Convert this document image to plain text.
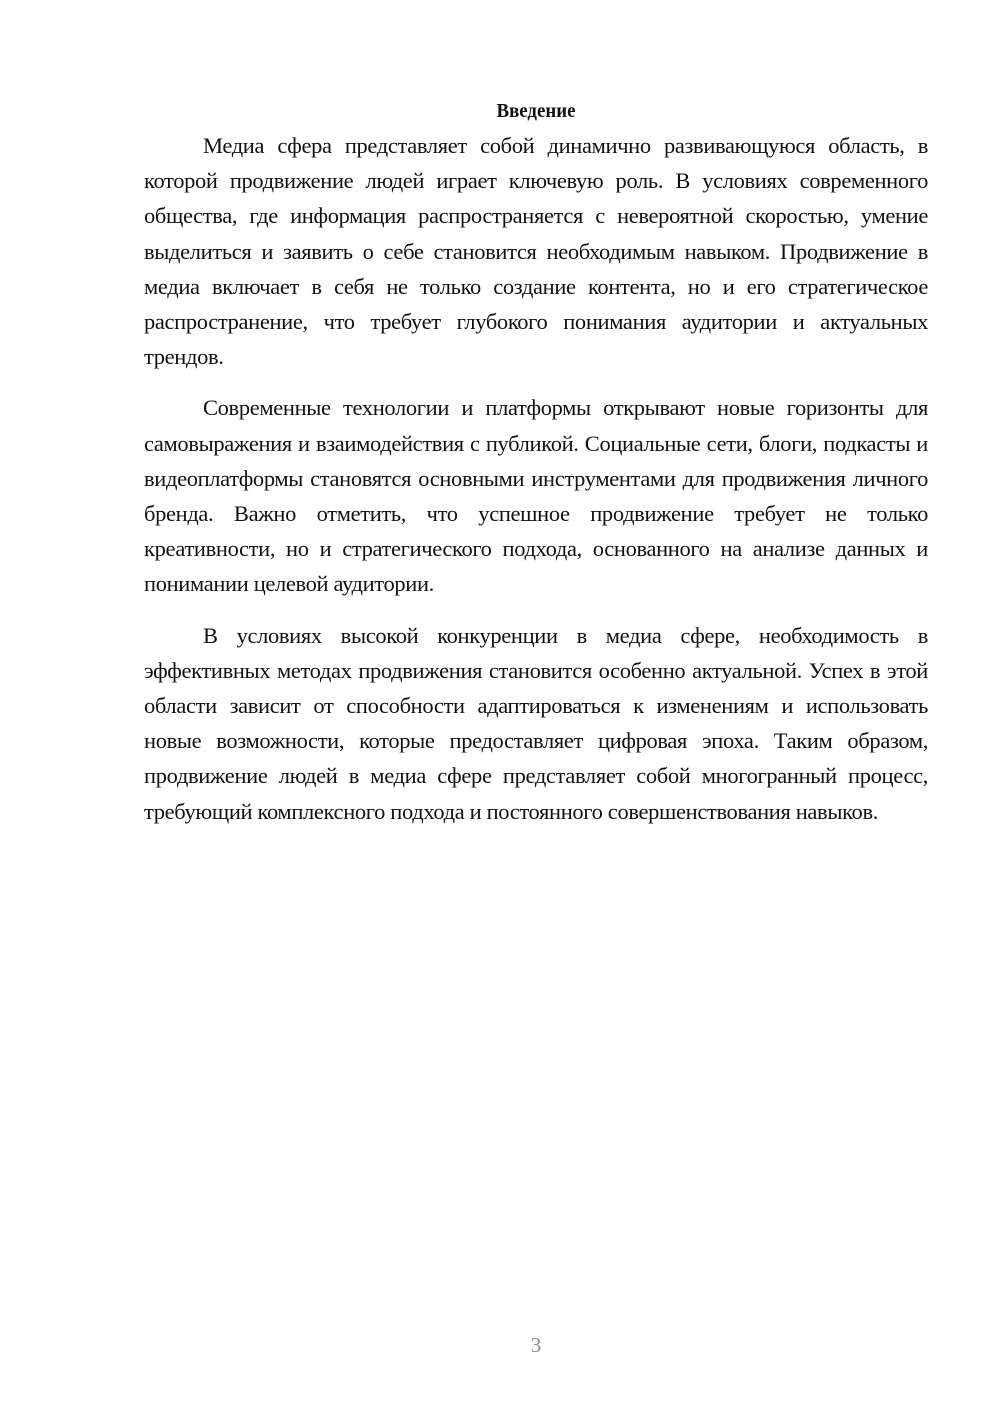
Введение

Медиа сфера представляет собой динамично развивающуюся область, в которой продвижение людей играет ключевую роль. В условиях современного общества, где информация распространяется с невероятной скоростью, умение выделиться и заявить о себе становится необходимым навыком. Продвижение в медиа включает в себя не только создание контента, но и его стратегическое распространение, что требует глубокого понимания аудитории и актуальных трендов.

Современные технологии и платформы открывают новые горизонты для самовыражения и взаимодействия с публикой. Социальные сети, блоги, подкасты и видеоплатформы становятся основными инструментами для продвижения личного бренда. Важно отметить, что успешное продвижение требует не только креативности, но и стратегического подхода, основанного на анализе данных и понимании целевой аудитории.

В условиях высокой конкуренции в медиа сфере, необходимость в эффективных методах продвижения становится особенно актуальной. Успех в этой области зависит от способности адаптироваться к изменениям и использовать новые возможности, которые предоставляет цифровая эпоха. Таким образом, продвижение людей в медиа сфере представляет собой многогранный процесс, требующий комплексного подхода и постоянного совершенствования навыков.

3
